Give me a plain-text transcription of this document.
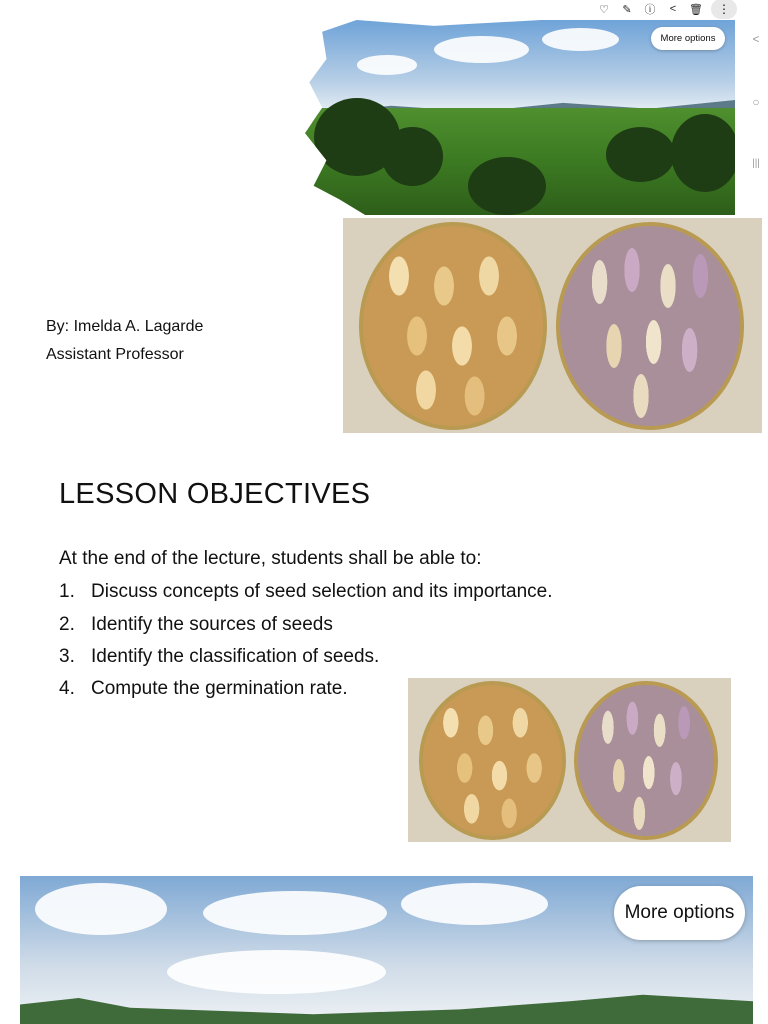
♡	✎	ⓘ	<	🗑	⋮
More options	<
○
|||
By: Imelda A. Lagarde
Assistant Professor
LESSON OBJECTIVES
At the end of the lecture, students shall be able to:
1. Discuss concepts of seed selection and its importance.
2. Identify the sources of seeds
3. Identify the classification of seeds.
4. Compute the germination rate.
More options
